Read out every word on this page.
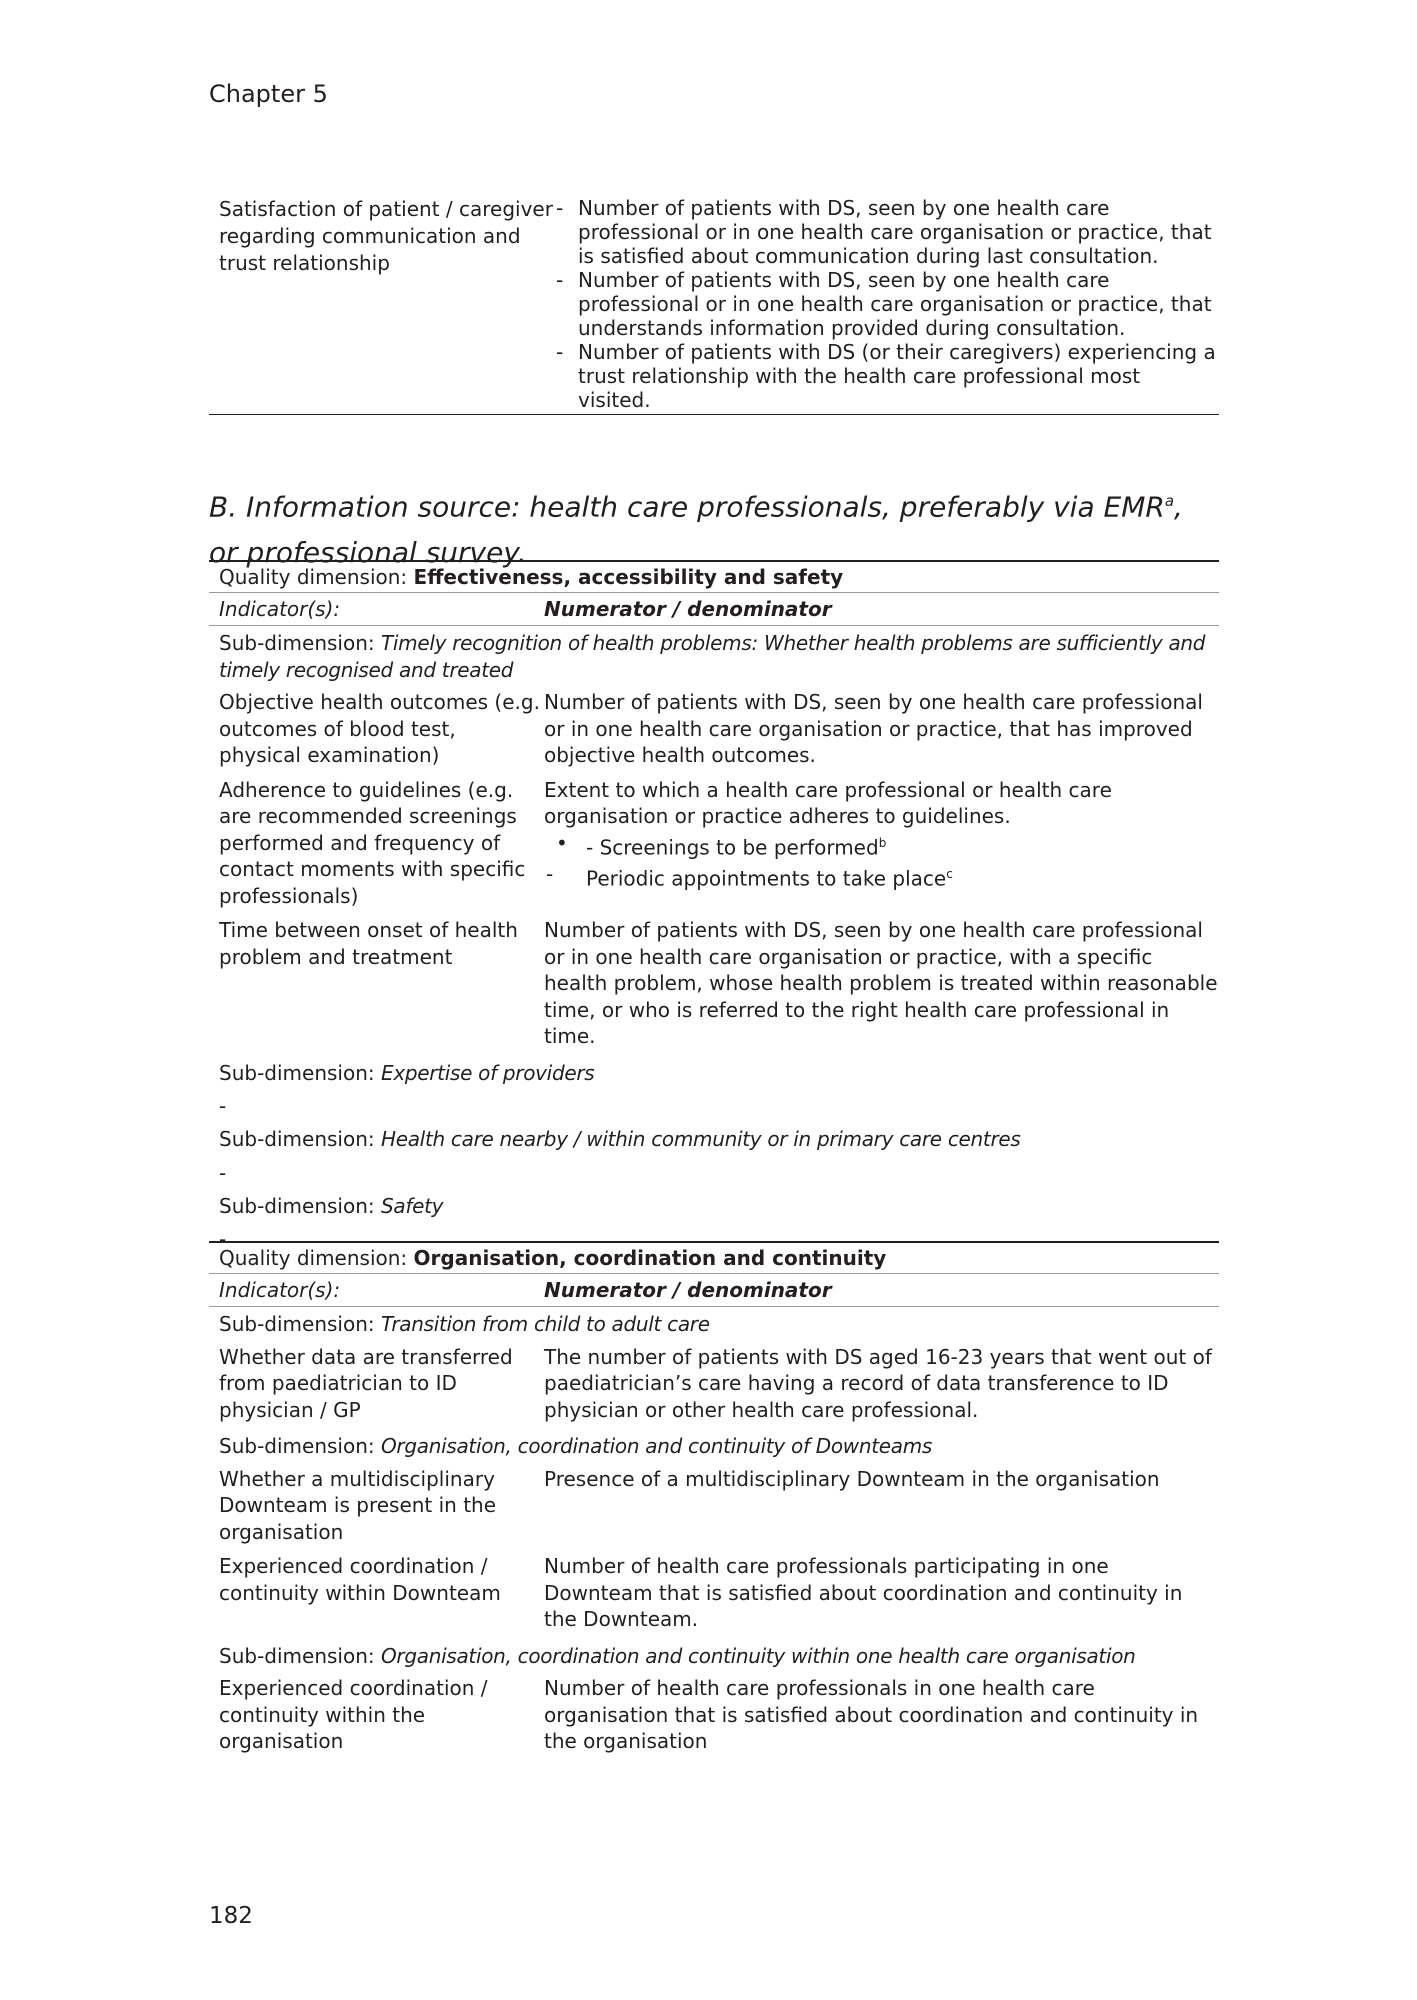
Chapter 5
Satisfaction of patient / caregiver regarding communication and trust relationship
- Number of patients with DS, seen by one health care professional or in one health care organisation or practice, that is satisfied about communication during last consultation.
- Number of patients with DS, seen by one health care professional or in one health care organisation or practice, that understands information provided during consultation.
- Number of patients with DS (or their caregivers) experiencing a trust relationship with the health care professional most visited.
B. Information source: health care professionals, preferably via EMR$^a$, or professional survey.
Quality dimension: Effectiveness, accessibility and safety
Indicator(s):	Numerator / denominator
Sub-dimension: Timely recognition of health problems: Whether health problems are sufficiently and timely recognised and treated
Objective health outcomes (e.g. outcomes of blood test, physical examination)
Number of patients with DS, seen by one health care professional or in one health care organisation or practice, that has improved objective health outcomes.
Adherence to guidelines (e.g. are recommended screenings performed and frequency of contact moments with specific professionals)
Extent to which a health care professional or health care organisation or practice adheres to guidelines.
• - Screenings to be performed$^b$
- Periodic appointments to take place$^c$
Time between onset of health problem and treatment
Number of patients with DS, seen by one health care professional or in one health care organisation or practice, with a specific health problem, whose health problem is treated within reasonable time, or who is referred to the right health care professional in time.
Sub-dimension: Expertise of providers
-
Sub-dimension: Health care nearby / within community or in primary care centres
-
Sub-dimension: Safety
-
Quality dimension: Organisation, coordination and continuity
Indicator(s):	Numerator / denominator
Sub-dimension: Transition from child to adult care
Whether data are transferred from paediatrician to ID physician / GP
The number of patients with DS aged 16-23 years that went out of paediatrician’s care having a record of data transference to ID physician or other health care professional.
Sub-dimension: Organisation, coordination and continuity of Downteams
Whether a multidisciplinary Downteam is present in the organisation
Presence of a multidisciplinary Downteam in the organisation
Experienced coordination / continuity within Downteam
Number of health care professionals participating in one Downteam that is satisfied about coordination and continuity in the Downteam.
Sub-dimension: Organisation, coordination and continuity within one health care organisation
Experienced coordination / continuity within the organisation
Number of health care professionals in one health care organisation that is satisfied about coordination and continuity in the organisation
182
